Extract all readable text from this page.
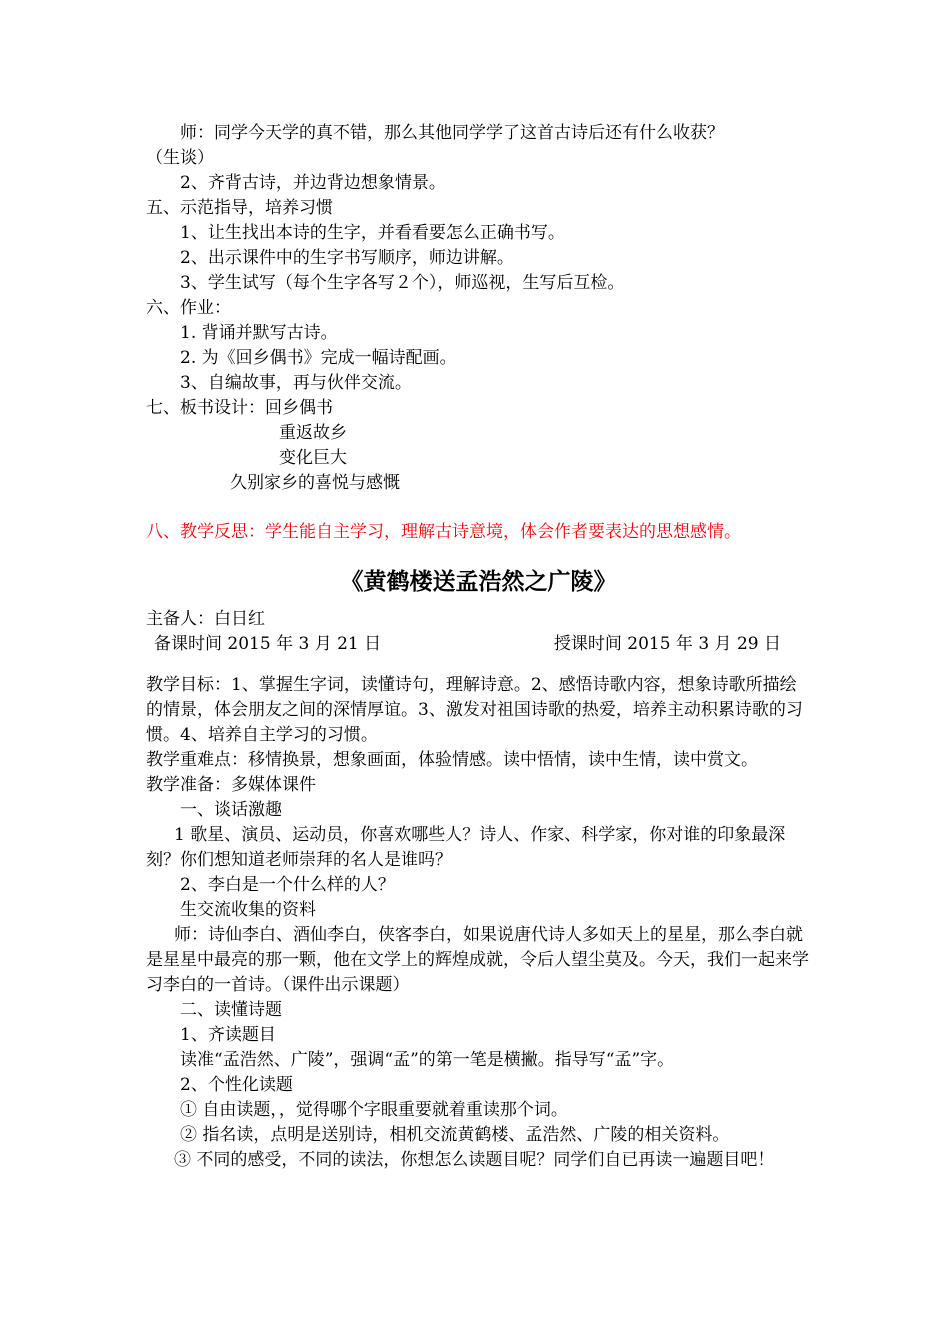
师：同学今天学的真不错，那么其他同学学了这首古诗后还有什么收获？
（生谈）
2、齐背古诗，并边背边想象情景。
五、示范指导，培养习惯
1、让生找出本诗的生字，并看看要怎么正确书写。
2、出示课件中的生字书写顺序，师边讲解。
3、学生试写（每个生字各写２个），师巡视，生写后互检。
六、作业：
1. 背诵并默写古诗。
2. 为《回乡偶书》完成一幅诗配画。
3、自编故事，再与伙伴交流。
七、板书设计：回乡偶书
重返故乡
变化巨大
久别家乡的喜悦与感慨
八、教学反思：学生能自主学习，理解古诗意境，体会作者要表达的思想感情。
《黄鹤楼送孟浩然之广陵》
主备人：白日红
备课时间 2015 年 3 月 21 日	授课时间 2015 年 3 月 29 日
教学目标：1、掌握生字词，读懂诗句，理解诗意。2、感悟诗歌内容，想象诗歌所描绘的情景，体会朋友之间的深情厚谊。3、激发对祖国诗歌的热爱，培养主动积累诗歌的习惯。4、培养自主学习的习惯。
教学重难点：移情换景，想象画面，体验情感。读中悟情，读中生情，读中赏文。
教学准备：多媒体课件
一、谈话激趣
1 歌星、演员、运动员，你喜欢哪些人？诗人、作家、科学家，你对谁的印象最深刻？你们想知道老师崇拜的名人是谁吗？
2、李白是一个什么样的人？
生交流收集的资料
师：诗仙李白、酒仙李白，侠客李白，如果说唐代诗人多如天上的星星，那么李白就是星星中最亮的那一颗，他在文学上的辉煌成就，令后人望尘莫及。今天，我们一起来学习李白的一首诗。（课件出示课题）
二、读懂诗题
1、齐读题目
读准“孟浩然、广陵”，强调“孟”的第一笔是横撇。指导写“孟”字。
2、个性化读题
① 自由读题，，觉得哪个字眼重要就着重读那个词。
② 指名读，点明是送别诗，相机交流黄鹤楼、孟浩然、广陵的相关资料。
③ 不同的感受，不同的读法，你想怎么读题目呢？同学们自已再读一遍题目吧！
